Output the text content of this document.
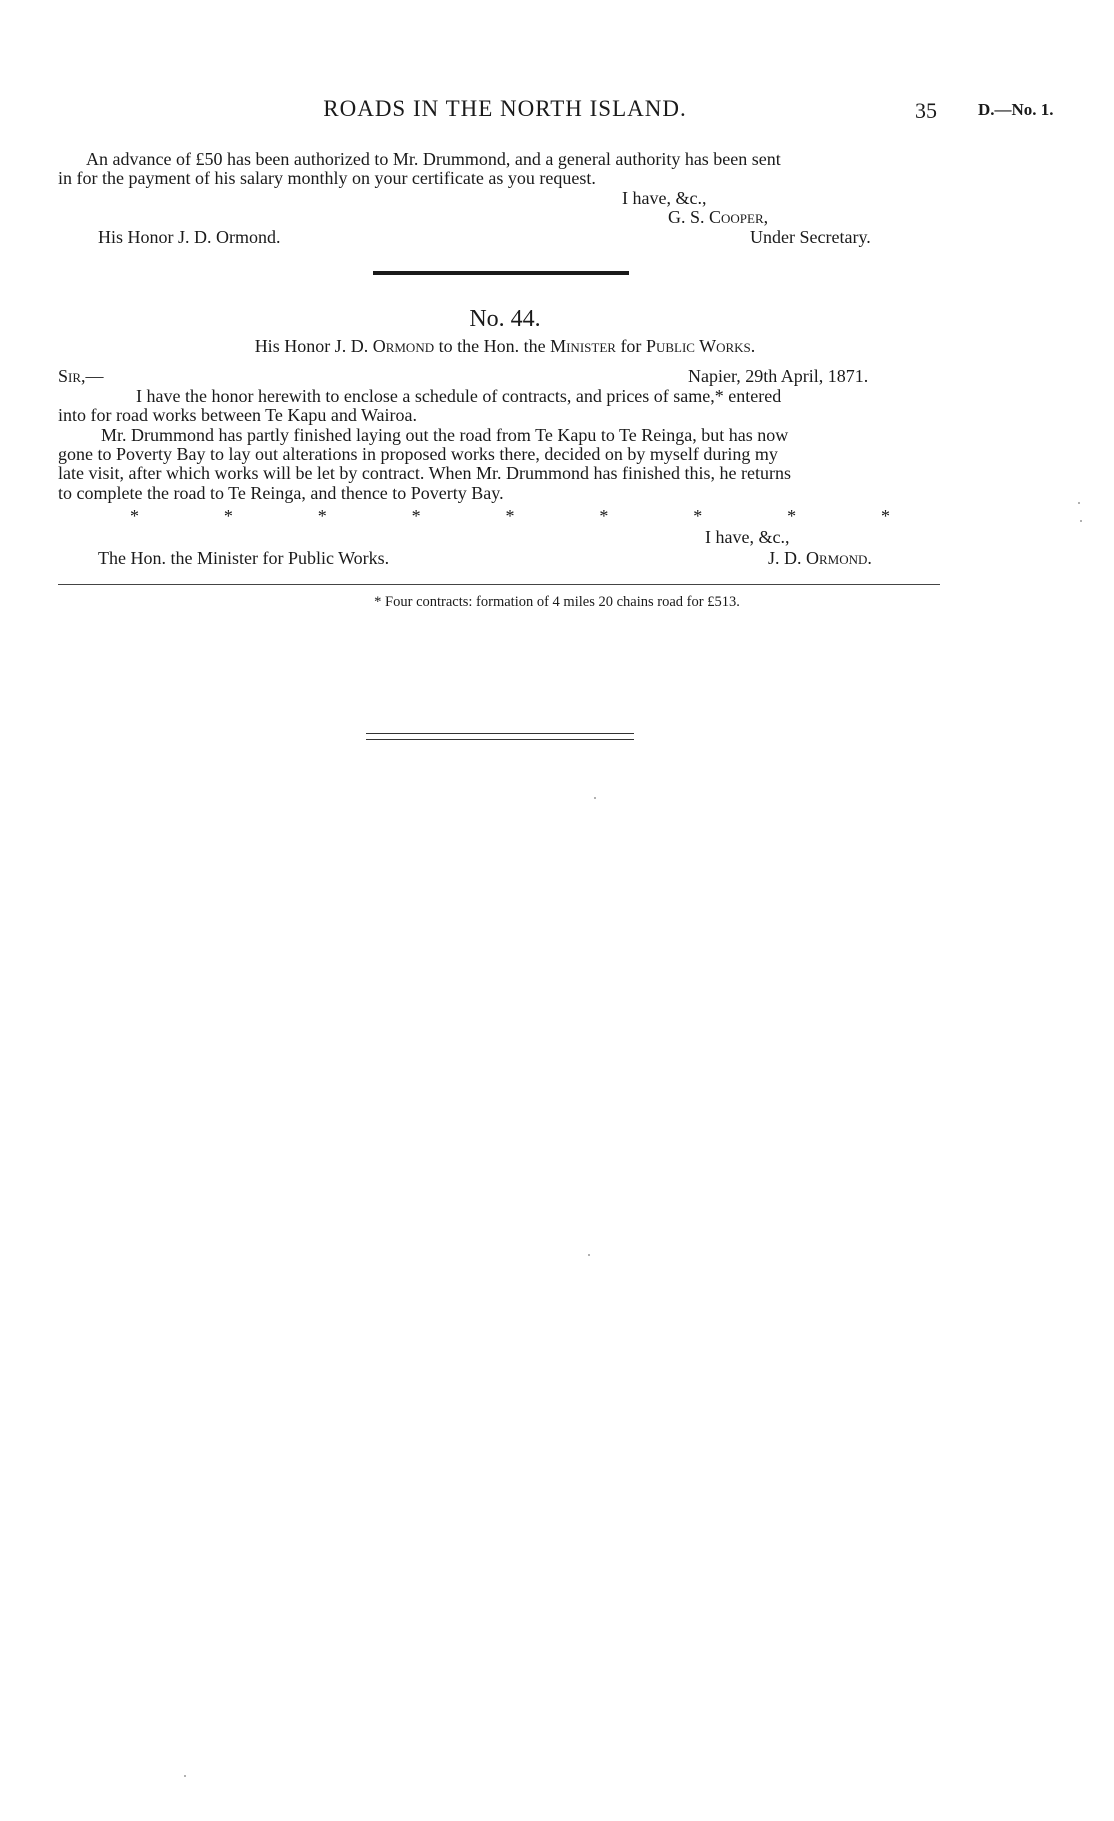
ROADS IN THE NORTH ISLAND.	35 D.—No. 1.
An advance of £50 has been authorized to Mr. Drummond, and a general authority has been sent
in for the payment of his salary monthly on your certificate as you request.
I have, &c.,
G. S. Cooper,
His Honor J. D. Ormond.	Under Secretary.
No. 44.
His Honor J. D. Ormond to the Hon. the Minister for Public Works.
Sir,—	Napier, 29th April, 1871.
I have the honor herewith to enclose a schedule of contracts, and prices of same,* entered
into for road works between Te Kapu and Wairoa.
Mr. Drummond has partly finished laying out the road from Te Kapu to Te Reinga, but has now
gone to Poverty Bay to lay out alterations in proposed works there, decided on by myself during my
late visit, after which works will be let by contract. When Mr. Drummond has finished this, he returns
to complete the road to Te Reinga, and thence to Poverty Bay.
*	*	*	*	*	*	*	*	*
I have, &c.,
The Hon. the Minister for Public Works.	J. D. Ormond.
* Four contracts: formation of 4 miles 20 chains road for £513.
